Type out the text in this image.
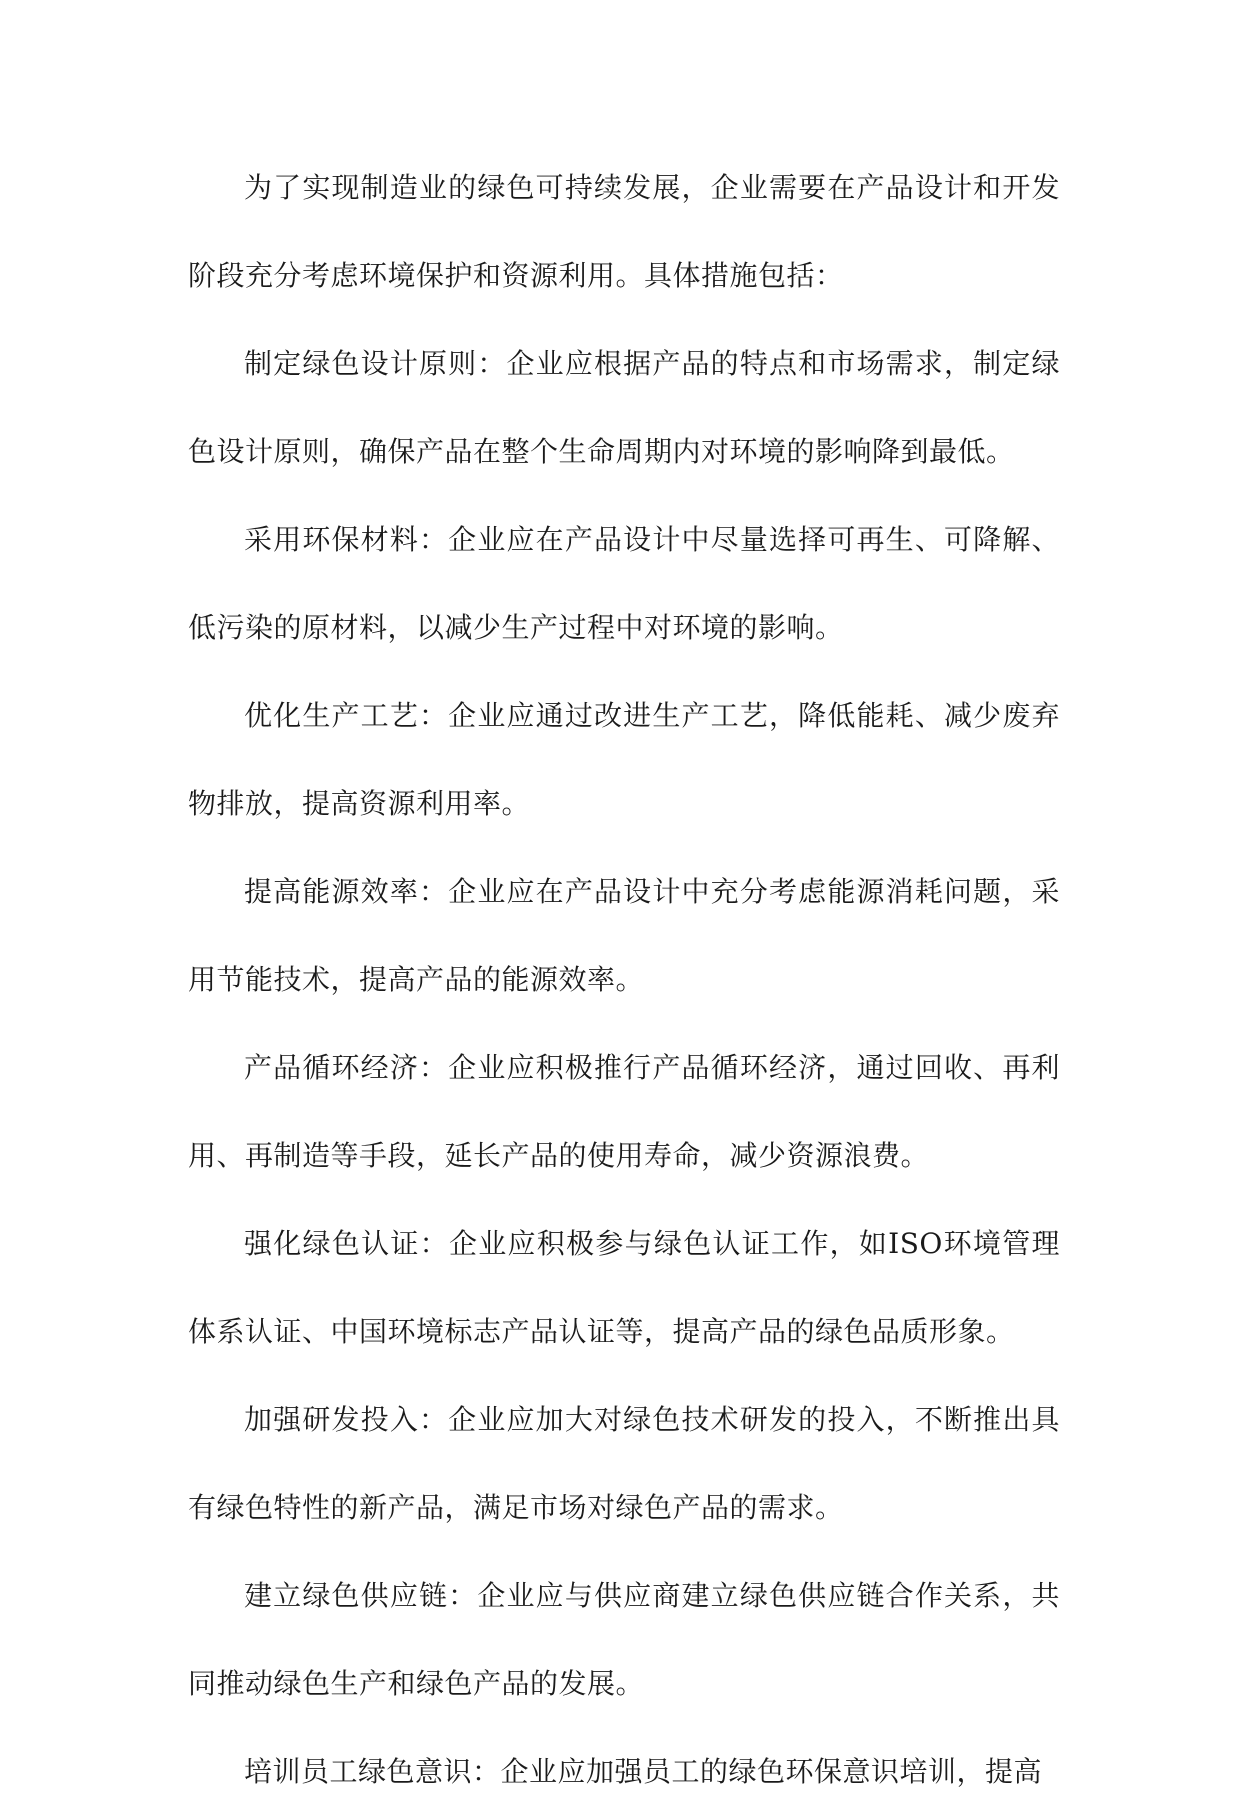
为了实现制造业的绿色可持续发展，企业需要在产品设计和开发阶段充分考虑环境保护和资源利用。具体措施包括：

制定绿色设计原则：企业应根据产品的特点和市场需求，制定绿色设计原则，确保产品在整个生命周期内对环境的影响降到最低。

采用环保材料：企业应在产品设计中尽量选择可再生、可降解、低污染的原材料，以减少生产过程中对环境的影响。

优化生产工艺：企业应通过改进生产工艺，降低能耗、减少废弃物排放，提高资源利用率。

提高能源效率：企业应在产品设计中充分考虑能源消耗问题，采用节能技术，提高产品的能源效率。

产品循环经济：企业应积极推行产品循环经济，通过回收、再利用、再制造等手段，延长产品的使用寿命，减少资源浪费。

强化绿色认证：企业应积极参与绿色认证工作，如ISO环境管理体系认证、中国环境标志产品认证等，提高产品的绿色品质形象。

加强研发投入：企业应加大对绿色技术研发的投入，不断推出具有绿色特性的新产品，满足市场对绿色产品的需求。

建立绿色供应链：企业应与供应商建立绿色供应链合作关系，共同推动绿色生产和绿色产品的发展。

培训员工绿色意识：企业应加强员工的绿色环保意识培训，提高
